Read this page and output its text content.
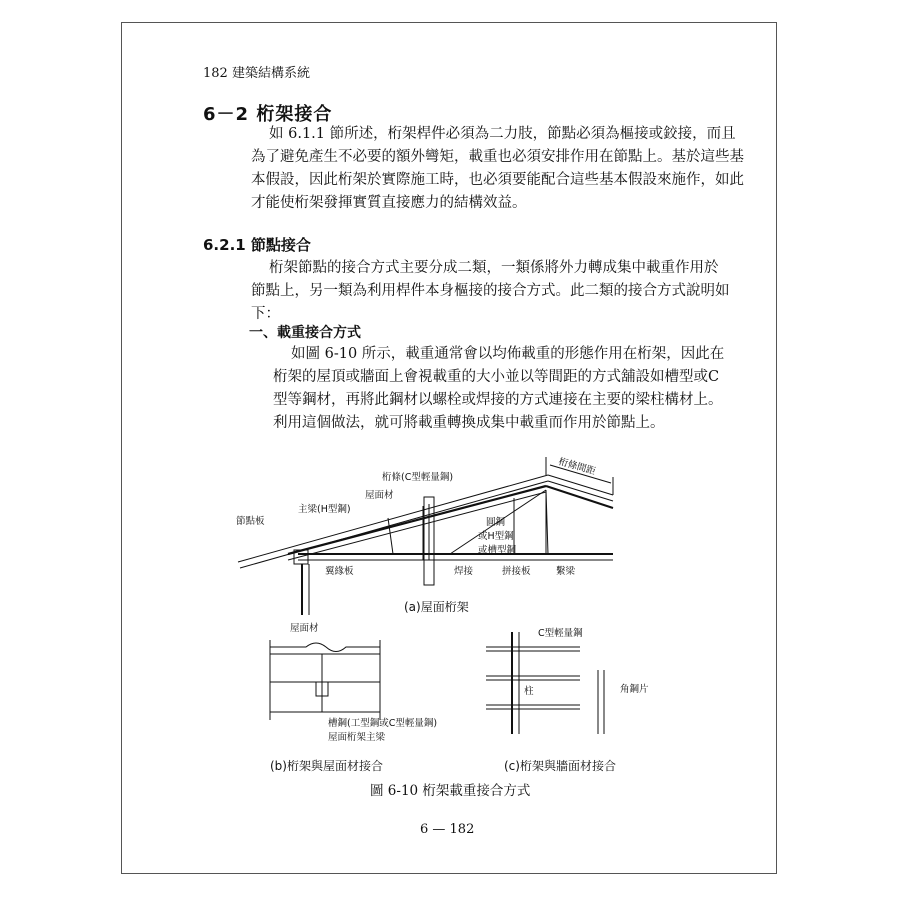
182 建築結構系統
6－2 桁架接合
如 6.1.1 節所述，桁架桿件必須為二力肢，節點必須為樞接或鉸接，而且
為了避免產生不必要的額外彎矩，載重也必須安排作用在節點上。基於這些基
本假設，因此桁架於實際施工時，也必須要能配合這些基本假設來施作，如此
才能使桁架發揮實質直接應力的結構效益。
6.2.1 節點接合
桁架節點的接合方式主要分成二類，一類係將外力轉成集中載重作用於
節點上，另一類為利用桿件本身樞接的接合方式。此二類的接合方式說明如
下：
一、載重接合方式
如圖 6-10 所示，載重通常會以均佈載重的形態作用在桁架，因此在
桁架的屋頂或牆面上會視載重的大小並以等間距的方式舖設如槽型或C
型等鋼材，再將此鋼材以螺栓或焊接的方式連接在主要的梁柱構材上。
利用這個做法，就可將載重轉換成集中載重而作用於節點上。
桁條間距
桁條(C型輕量鋼)
屋面材
主梁(H型鋼)
節點板	圓鋼
或H型鋼
或槽型鋼
翼緣板	焊接	拼接板	繫梁
(a)屋面桁架
屋面材
槽鋼(工型鋼或C型輕量鋼)
屋面桁架主梁
C型輕量鋼
柱	角鋼片
(b)桁架與屋面材接合	(c)桁架與牆面材接合
圖 6-10 桁架載重接合方式
6 — 182
